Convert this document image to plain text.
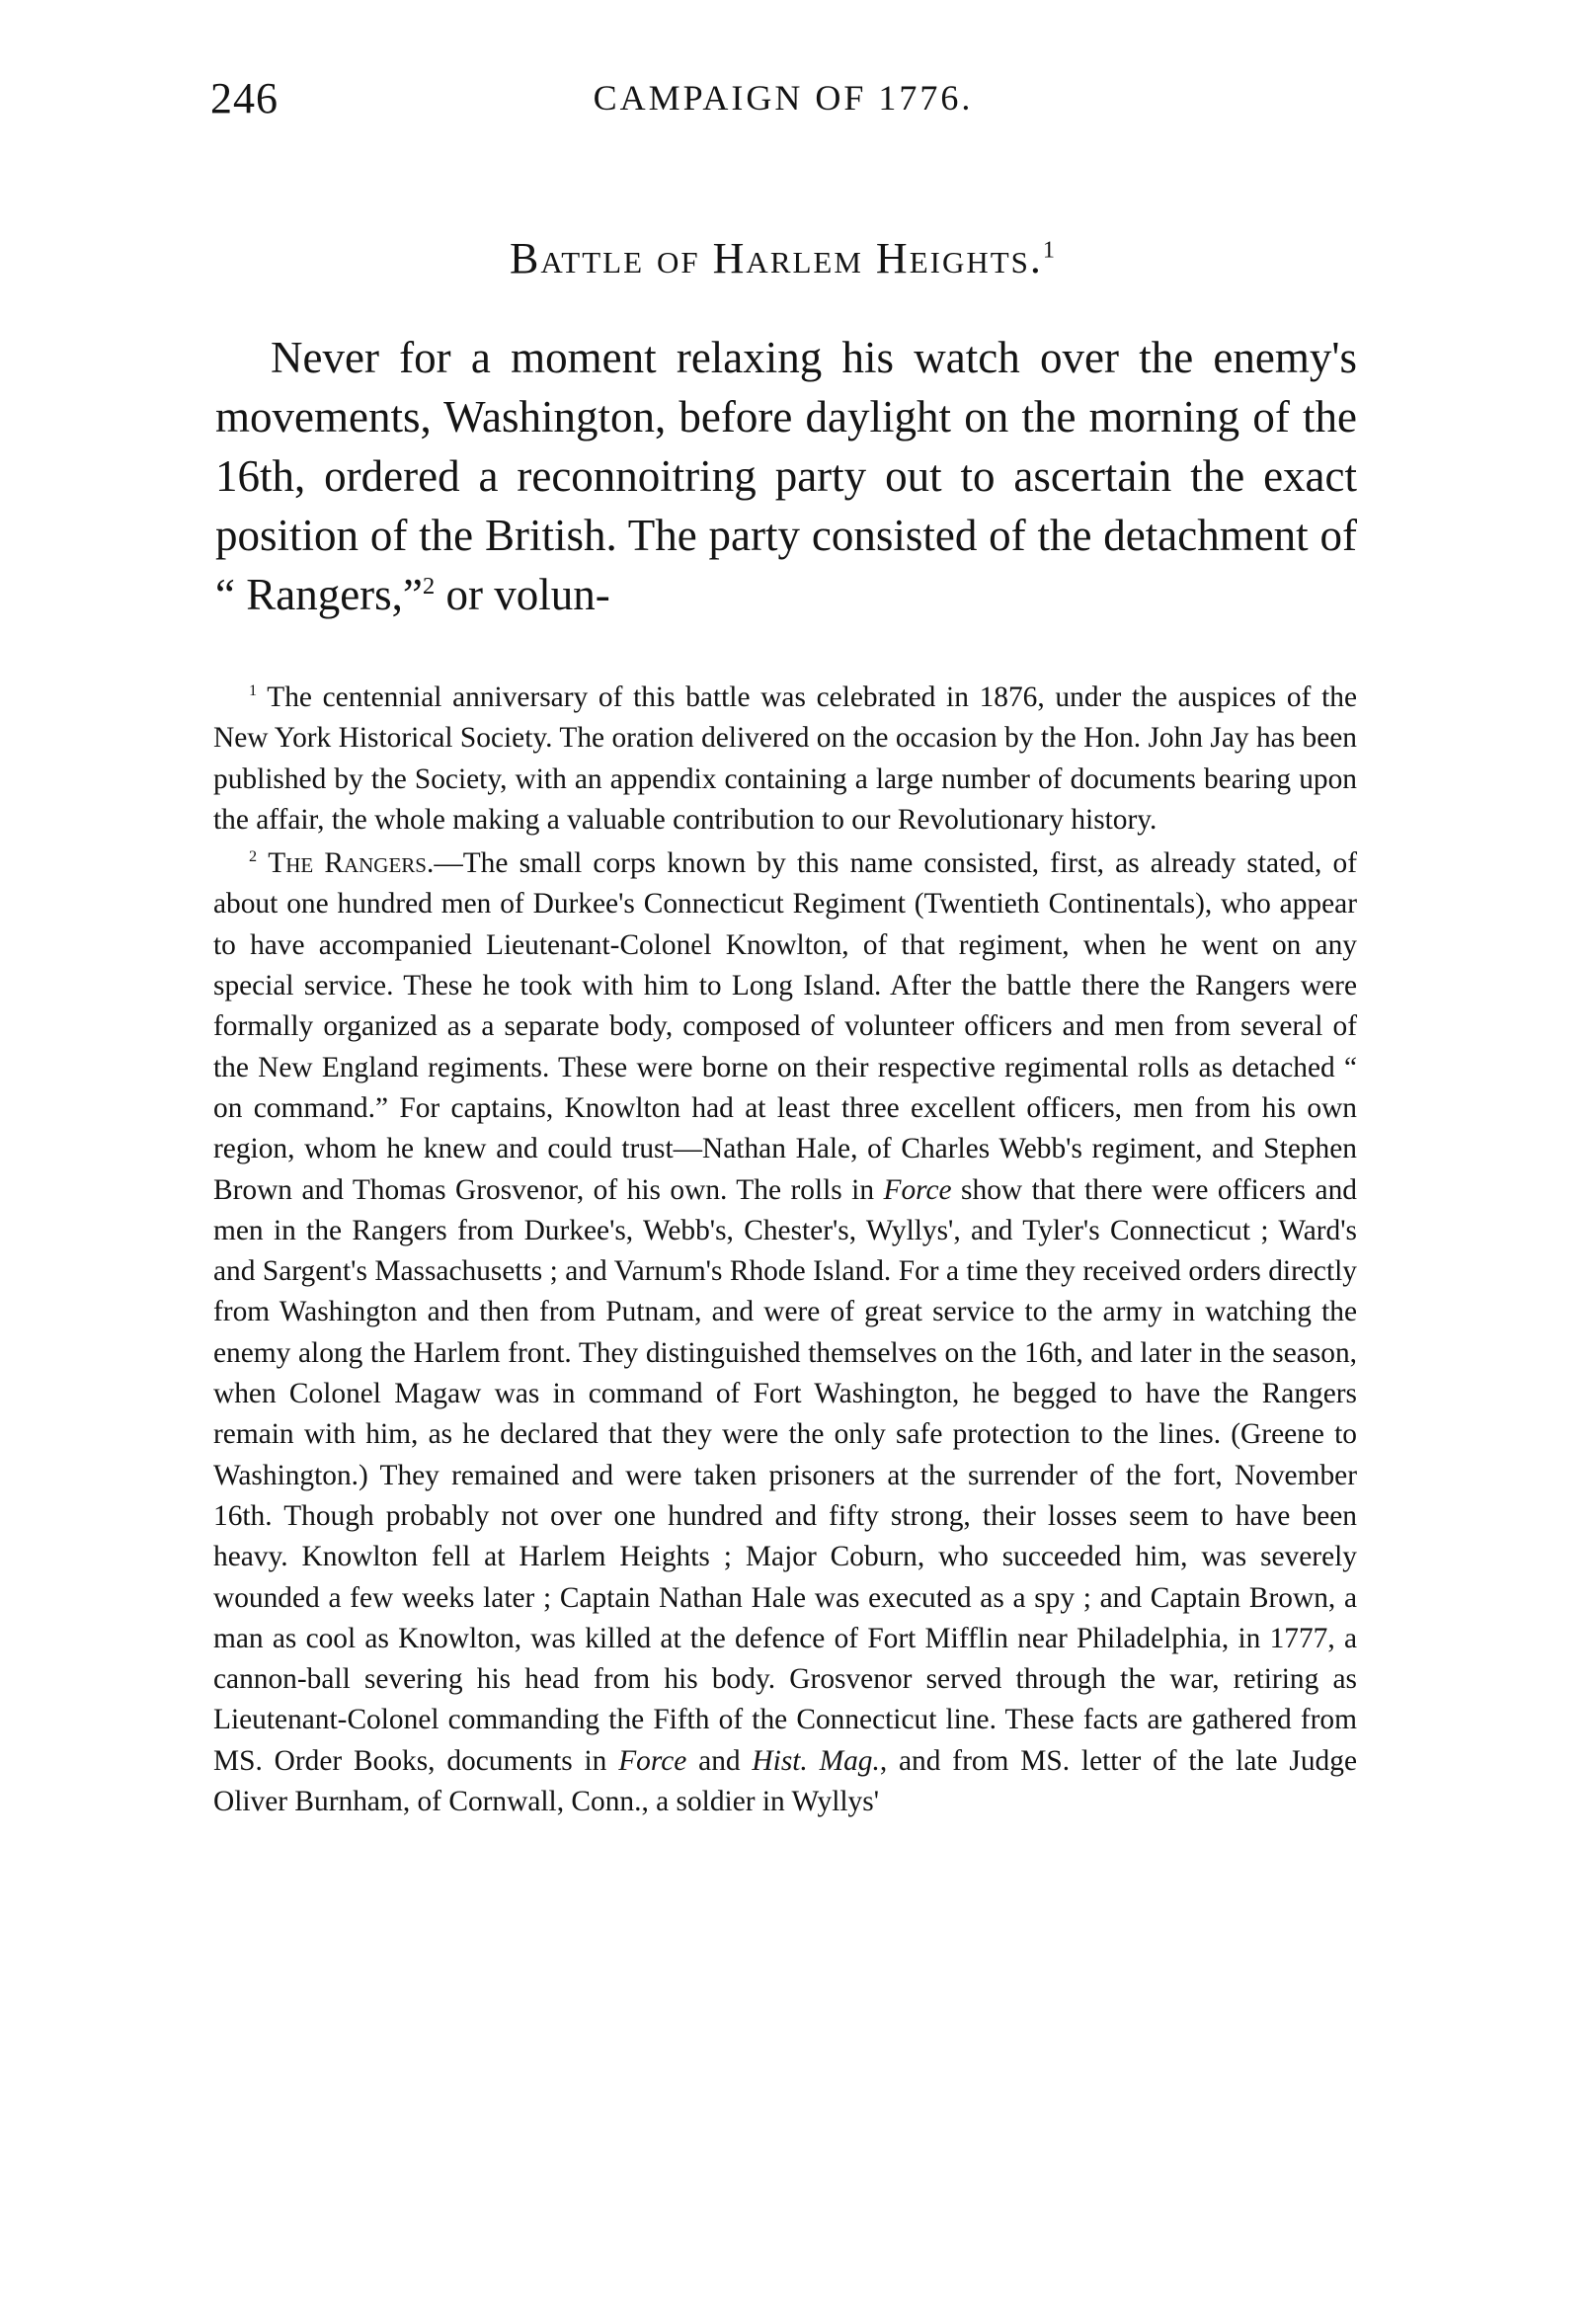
246	CAMPAIGN OF 1776.
Battle of Harlem Heights.$^1$

Never for a moment relaxing his watch over the enemy's movements, Washington, before daylight on the morning of the 16th, ordered a reconnoitring party out to ascertain the exact position of the British. The party consisted of the detachment of “ Rangers,”$^2$ or volun-

$^1$ The centennial anniversary of this battle was celebrated in 1876, under the auspices of the New York Historical Society. The oration delivered on the occasion by the Hon. John Jay has been published by the Society, with an appendix containing a large number of documents bearing upon the affair, the whole making a valuable contribution to our Revolutionary history.

$^2$ The Rangers.—The small corps known by this name consisted, first, as already stated, of about one hundred men of Durkee's Connecticut Regiment (Twentieth Continentals), who appear to have accompanied Lieutenant-Colonel Knowlton, of that regiment, when he went on any special service. These he took with him to Long Island. After the battle there the Rangers were formally organized as a separate body, composed of volunteer officers and men from several of the New England regiments. These were borne on their respective regimental rolls as detached “ on command.” For captains, Knowlton had at least three excellent officers, men from his own region, whom he knew and could trust—Nathan Hale, of Charles Webb's regiment, and Stephen Brown and Thomas Grosvenor, of his own. The rolls in Force show that there were officers and men in the Rangers from Durkee's, Webb's, Chester's, Wyllys', and Tyler's Connecticut ; Ward's and Sargent's Massachusetts ; and Varnum's Rhode Island. For a time they received orders directly from Washington and then from Putnam, and were of great service to the army in watching the enemy along the Harlem front. They distinguished themselves on the 16th, and later in the season, when Colonel Magaw was in command of Fort Washington, he begged to have the Rangers remain with him, as he declared that they were the only safe protection to the lines. (Greene to Washington.) They remained and were taken prisoners at the surrender of the fort, November 16th. Though probably not over one hundred and fifty strong, their losses seem to have been heavy. Knowlton fell at Harlem Heights ; Major Coburn, who succeeded him, was severely wounded a few weeks later ; Captain Nathan Hale was executed as a spy ; and Captain Brown, a man as cool as Knowlton, was killed at the defence of Fort Mifflin near Philadelphia, in 1777, a cannon-ball severing his head from his body. Grosvenor served through the war, retiring as Lieutenant-Colonel commanding the Fifth of the Connecticut line. These facts are gathered from MS. Order Books, documents in Force and Hist. Mag., and from MS. letter of the late Judge Oliver Burnham, of Cornwall, Conn., a soldier in Wyllys'
